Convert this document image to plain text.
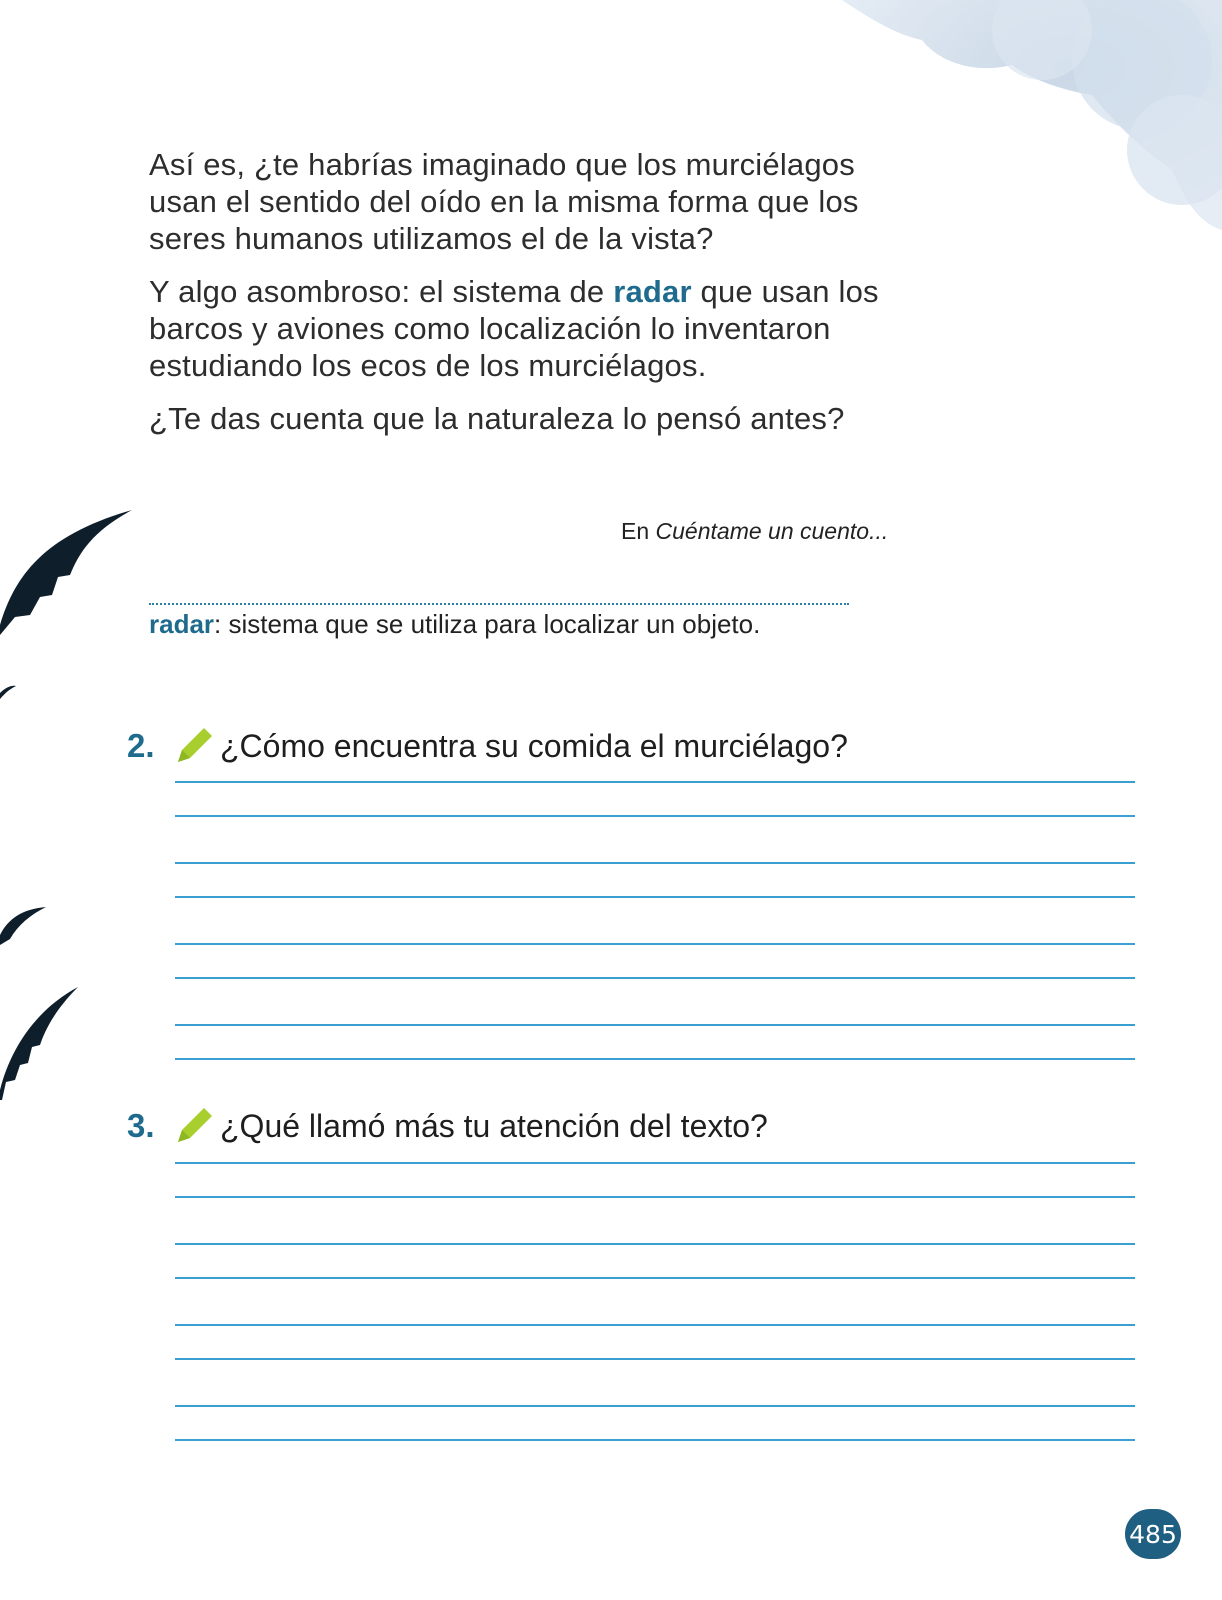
Así es, ¿te habrías imaginado que los murciélagos usan el sentido del oído en la misma forma que los seres humanos utilizamos el de la vista?

Y algo asombroso: el sistema de radar que usan los barcos y aviones como localización lo inventaron estudiando los ecos de los murciélagos.

¿Te das cuenta que la naturaleza lo pensó antes?

En Cuéntame un cuento...
radar: sistema que se utiliza para localizar un objeto.
2. ¿Cómo encuentra su comida el murciélago?
3. ¿Qué llamó más tu atención del texto?
485
